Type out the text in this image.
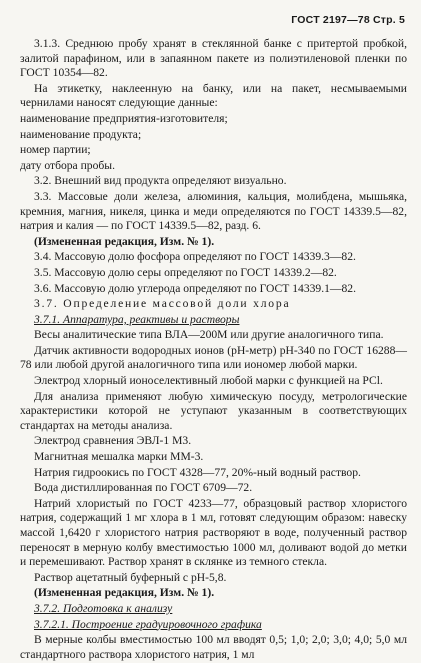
ГОСТ 2197—78 Стр. 5

3.1.3. Среднюю пробу хранят в стеклянной банке с притертой пробкой, залитой парафином, или в запаянном пакете из полиэтиленовой пленки по ГОСТ 10354—82.

На этикетку, наклеенную на банку, или на пакет, несмываемыми чернилами наносят следующие данные:

наименование предприятия-изготовителя;

наименование продукта;

номер партии;

дату отбора пробы.

3.2. Внешний вид продукта определяют визуально.

3.3. Массовые доли железа, алюминия, кальция, молибдена, мышьяка, кремния, магния, никеля, цинка и меди определяются по ГОСТ 14339.5—82, натрия и калия — по ГОСТ 14339.5—82, разд. 6.

(Измененная редакция, Изм. № 1).

3.4. Массовую долю фосфора определяют по ГОСТ 14339.3—82.

3.5. Массовую долю серы определяют по ГОСТ 14339.2—82.

3.6. Массовую долю углерода определяют по ГОСТ 14339.1—82.

3.7. Определение массовой доли хлора

3.7.1. Аппаратура, реактивы и растворы

Весы аналитические типа ВЛА—200М или другие аналогичного типа.

Датчик активности водородных ионов (pH-метр) pH-340 по ГОСТ 16288—78 или любой другой аналогичного типа или иономер любой марки.

Электрод хлорный ионоселективный любой марки с функцией на РСl.

Для анализа применяют любую химическую посуду, метрологические характеристики которой не уступают указанным в соответствующих стандартах на методы анализа.

Электрод сравнения ЭВЛ-1 М3.

Магнитная мешалка марки ММ-3.

Натрия гидроокись по ГОСТ 4328—77, 20%-ный водный раствор.

Вода дистиллированная по ГОСТ 6709—72.

Натрий хлористый по ГОСТ 4233—77, образцовый раствор хлористого натрия, содержащий 1 мг хлора в 1 мл, готовят следующим образом: навеску массой 1,6420 г хлористого натрия растворяют в воде, полученный раствор переносят в мерную колбу вместимостью 1000 мл, доливают водой до метки и перемешивают. Раствор хранят в склянке из темного стекла.

Раствор ацетатный буферный с pH-5,8.

(Измененная редакция, Изм. № 1).

3.7.2. Подготовка к анализу

3.7.2.1. Построение градуировочного графика

В мерные колбы вместимостью 100 мл вводят 0,5; 1,0; 2,0; 3,0; 4,0; 5,0 мл стандартного раствора хлористого натрия, 1 мл
